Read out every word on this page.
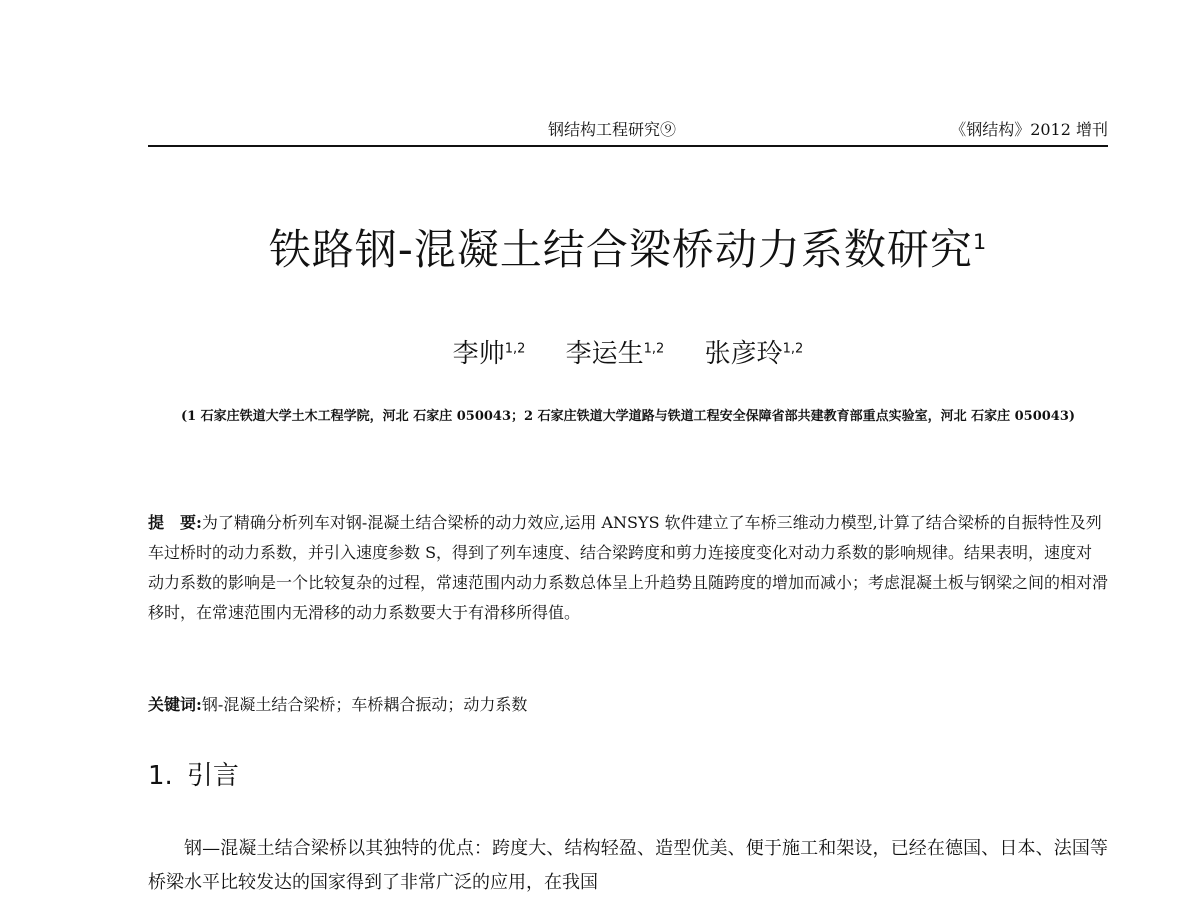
钢结构工程研究⑨	《钢结构》2012 增刊
铁路钢-混凝土结合梁桥动力系数研究$^1$
李帅$^{1,2}$ 李运生$^{1,2}$ 张彦玲$^{1,2}$
(1 石家庄铁道大学土木工程学院，河北 石家庄 050043；2 石家庄铁道大学道路与铁道工程安全保障省部共建教育部重点实验室，河北 石家庄 050043)
提　要:为了精确分析列车对钢-混凝土结合梁桥的动力效应,运用 ANSYS 软件建立了车桥三维动力模型,计算了结合梁桥的自振特性及列车过桥时的动力系数，并引入速度参数 S，得到了列车速度、结合梁跨度和剪力连接度变化对动力系数的影响规律。结果表明，速度对动力系数的影响是一个比较复杂的过程，常速范围内动力系数总体呈上升趋势且随跨度的增加而减小；考虑混凝土板与钢梁之间的相对滑移时，在常速范围内无滑移的动力系数要大于有滑移所得值。
关键词:钢-混凝土结合梁桥；车桥耦合振动；动力系数
1. 引言
钢—混凝土结合梁桥以其独特的优点：跨度大、结构轻盈、造型优美、便于施工和架设，已经在德国、日本、法国等桥梁水平比较发达的国家得到了非常广泛的应用，在我国
